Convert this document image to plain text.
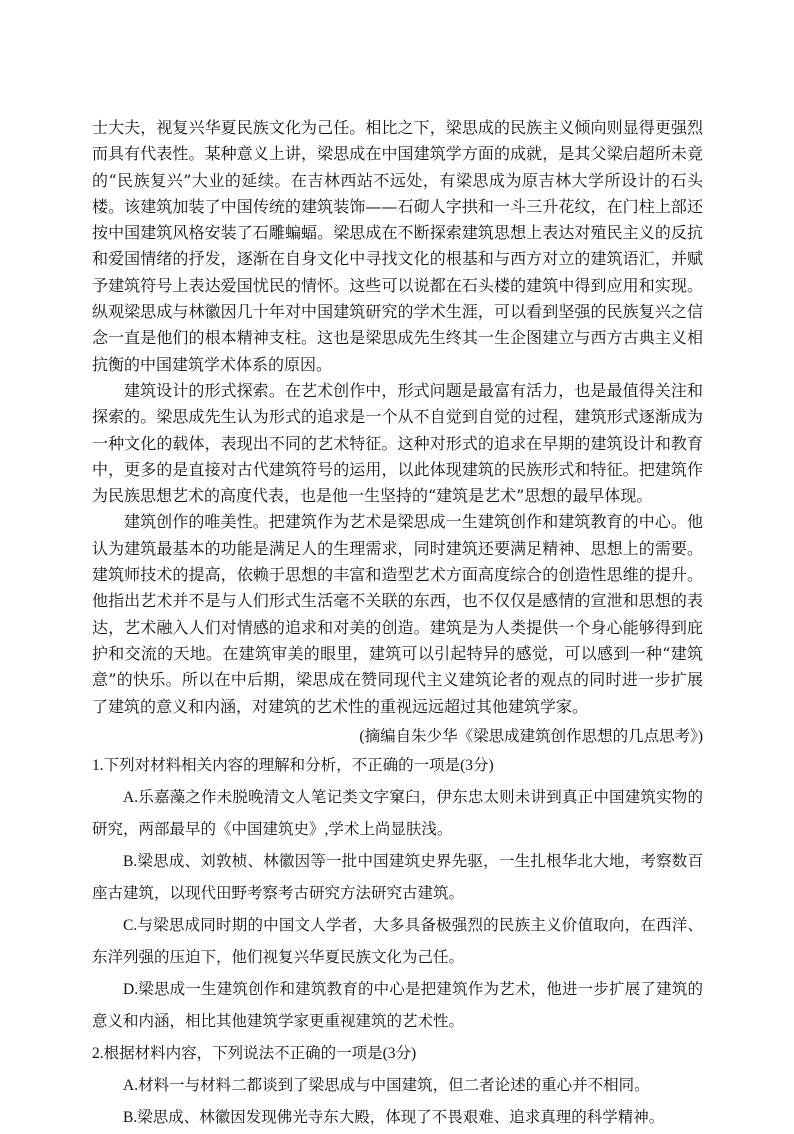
士大夫，视复兴华夏民族文化为己任。相比之下，梁思成的民族主义倾向则显得更强烈而具有代表性。某种意义上讲，梁思成在中国建筑学方面的成就，是其父梁启超所未竟的“民族复兴”大业的延续。在吉林西站不远处，有梁思成为原吉林大学所设计的石头楼。该建筑加装了中国传统的建筑装饰——石砌人字拱和一斗三升花纹，在门柱上部还按中国建筑风格安装了石雕蝙蝠。梁思成在不断探索建筑思想上表达对殖民主义的反抗和爱国情绪的抒发，逐渐在自身文化中寻找文化的根基和与西方对立的建筑语汇，并赋予建筑符号上表达爱国忧民的情怀。这些可以说都在石头楼的建筑中得到应用和实现。纵观梁思成与林徽因几十年对中国建筑研究的学术生涯，可以看到坚强的民族复兴之信念一直是他们的根本精神支柱。这也是梁思成先生终其一生企图建立与西方古典主义相抗衡的中国建筑学术体系的原因。

建筑设计的形式探索。在艺术创作中，形式问题是最富有活力，也是最值得关注和探索的。梁思成先生认为形式的追求是一个从不自觉到自觉的过程，建筑形式逐渐成为一种文化的载体，表现出不同的艺术特征。这种对形式的追求在早期的建筑设计和教育中，更多的是直接对古代建筑符号的运用，以此体现建筑的民族形式和特征。把建筑作为民族思想艺术的高度代表，也是他一生坚持的“建筑是艺术”思想的最早体现。

建筑创作的唯美性。把建筑作为艺术是梁思成一生建筑创作和建筑教育的中心。他认为建筑最基本的功能是满足人的生理需求，同时建筑还要满足精神、思想上的需要。建筑师技术的提高，依赖于思想的丰富和造型艺术方面高度综合的创造性思维的提升。他指出艺术并不是与人们形式生活毫不关联的东西，也不仅仅是感情的宣泄和思想的表达，艺术融入人们对情感的追求和对美的创造。建筑是为人类提供一个身心能够得到庇护和交流的天地。在建筑审美的眼里，建筑可以引起特异的感觉，可以感到一种“建筑意”的快乐。所以在中后期，梁思成在赞同现代主义建筑论者的观点的同时进一步扩展了建筑的意义和内涵，对建筑的艺术性的重视远远超过其他建筑学家。

(摘编自朱少华《梁思成建筑创作思想的几点思考》)

1.下列对材料相关内容的理解和分析，不正确的一项是(3分)

A.乐嘉藻之作未脱晚清文人笔记类文字窠臼，伊东忠太则未讲到真正中国建筑实物的研究，两部最早的《中国建筑史》,学术上尚显肤浅。

B.梁思成、刘敦桢、林徽因等一批中国建筑史界先驱，一生扎根华北大地，考察数百座古建筑，以现代田野考察考古研究方法研究古建筑。

C.与梁思成同时期的中国文人学者，大多具备极强烈的民族主义价值取向，在西洋、东洋列强的压迫下，他们视复兴华夏民族文化为己任。

D.梁思成一生建筑创作和建筑教育的中心是把建筑作为艺术，他进一步扩展了建筑的意义和内涵，相比其他建筑学家更重视建筑的艺术性。

2.根据材料内容，下列说法不正确的一项是(3分)

A.材料一与材料二都谈到了梁思成与中国建筑，但二者论述的重心并不相同。

B.梁思成、林徽因发现佛光寺东大殿，体现了不畏艰难、追求真理的科学精神。
